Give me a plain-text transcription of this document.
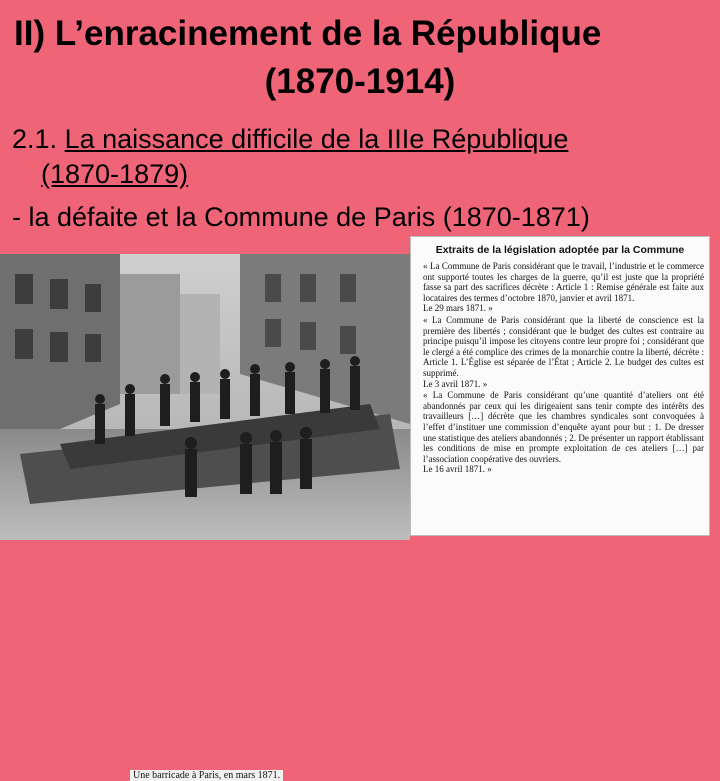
II) L’enracinement de la République
(1870-1914)
2.1. La naissance difficile de la IIIe République
(1870-1879)
- la défaite et la Commune de Paris (1870-1871)
Une barricade à Paris, en mars 1871.
Extraits de la législation adoptée par la Commune

« La Commune de Paris considérant que le travail, l’industrie et le commerce ont supporté toutes les charges de la guerre, qu’il est juste que la propriété fasse sa part des sacrifices décrète : Article 1 : Remise générale est faite aux locataires des termes d’octobre 1870, janvier et avril 1871.
Le 29 mars 1871. »

« La Commune de Paris considérant que la liberté de conscience est la première des libertés ; considérant que le budget des cultes est contraire au principe puisqu’il impose les citoyens contre leur propre foi ; considérant que le clergé a été complice des crimes de la monarchie contre la liberté, décrète : Article 1. L’Église est séparée de l’État ; Article 2. Le budget des cultes est supprimé.
Le 3 avril 1871. »

« La Commune de Paris considérant qu’une quantité d’ateliers ont été abandonnés par ceux qui les dirigeaient sans tenir compte des intérêts des travailleurs […] décrète que les chambres syndicales sont convoquées à l’effet d’instituer une commission d’enquête ayant pour but : 1. De dresser une statistique des ateliers abandonnés ; 2. De présenter un rapport établissant les conditions de mise en prompte exploitation de ces ateliers […] par l’association coopérative des ouvriers.
Le 16 avril 1871. »
